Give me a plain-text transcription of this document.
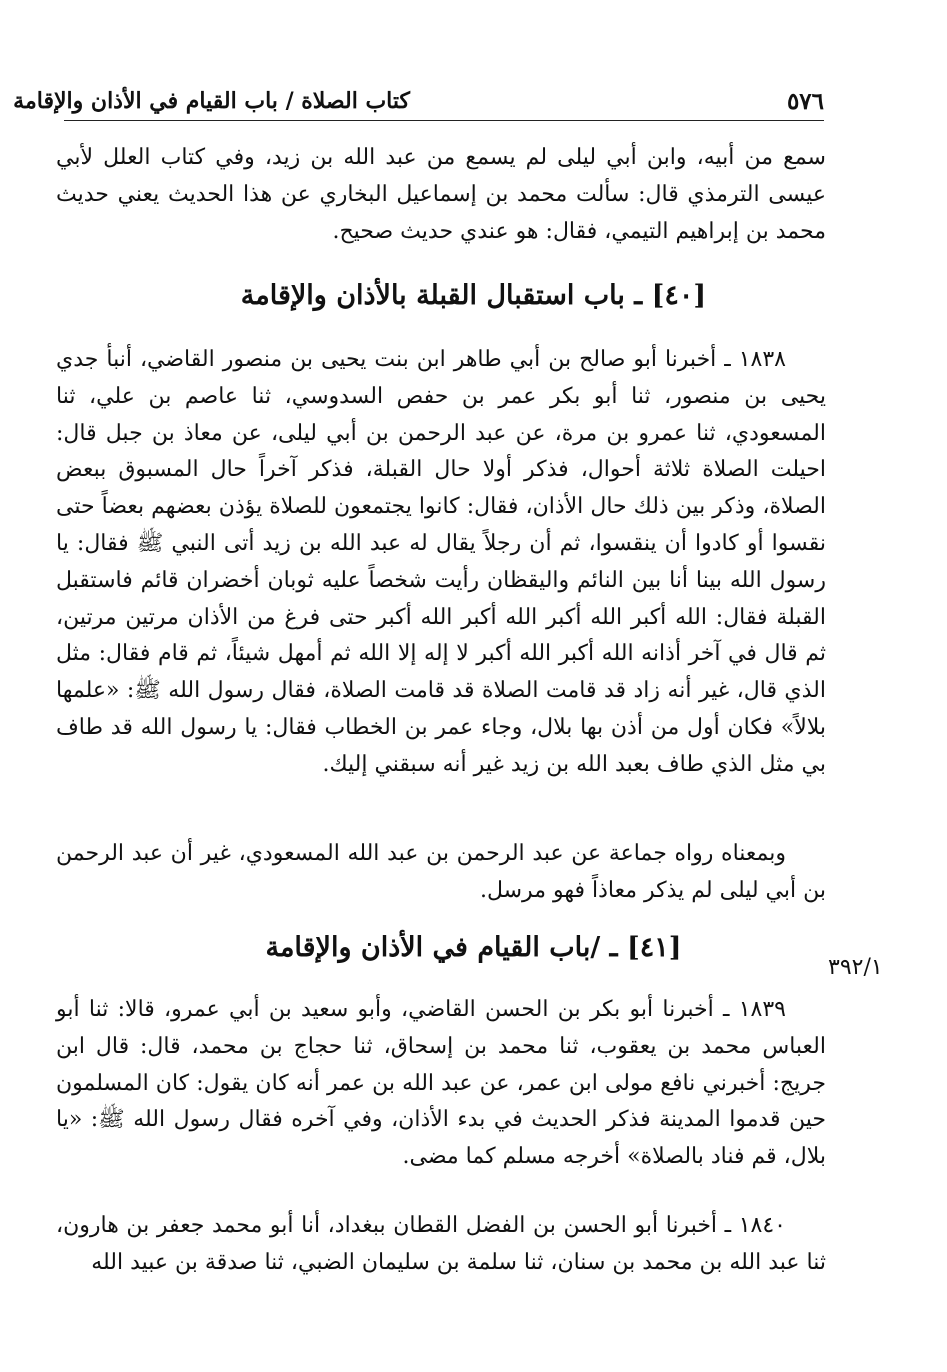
٥٧٦
كتاب الصلاة / باب القيام في الأذان والإقامة
٣٩٢/١

سمع من أبيه، وابن أبي ليلى لم يسمع من عبد الله بن زيد، وفي كتاب العلل لأبي عيسى الترمذي قال: سألت محمد بن إسماعيل البخاري عن هذا الحديث يعني حديث محمد بن إبراهيم التيمي، فقال: هو عندي حديث صحيح.

[٤٠] ـ باب استقبال القبلة بالأذان والإقامة

١٨٣٨ ـ أخبرنا أبو صالح بن أبي طاهر ابن بنت يحيى بن منصور القاضي، أنبأ جدي يحيى بن منصور، ثنا أبو بكر عمر بن حفص السدوسي، ثنا عاصم بن علي، ثنا المسعودي، ثنا عمرو بن مرة، عن عبد الرحمن بن أبي ليلى، عن معاذ بن جبل قال: احيلت الصلاة ثلاثة أحوال، فذكر أولا حال القبلة، فذكر آخراً حال المسبوق ببعض الصلاة، وذكر بين ذلك حال الأذان، فقال: كانوا يجتمعون للصلاة يؤذن بعضهم بعضاً حتى نقسوا أو كادوا أن ينقسوا، ثم أن رجلاً يقال له عبد الله بن زيد أتى النبي ﷺ فقال: يا رسول الله بينا أنا بين النائم واليقظان رأيت شخصاً عليه ثوبان أخضران قائم فاستقبل القبلة فقال: الله أكبر الله أكبر الله أكبر الله أكبر حتى فرغ من الأذان مرتين مرتين، ثم قال في آخر أذانه الله أكبر الله أكبر لا إله إلا الله ثم أمهل شيئاً، ثم قام فقال: مثل الذي قال، غير أنه زاد قد قامت الصلاة قد قامت الصلاة، فقال رسول الله ﷺ: «علمها بلالاً» فكان أول من أذن بها بلال، وجاء عمر بن الخطاب فقال: يا رسول الله قد طاف بي مثل الذي طاف بعبد الله بن زيد غير أنه سبقني إليك.

وبمعناه رواه جماعة عن عبد الرحمن بن عبد الله المسعودي، غير أن عبد الرحمن بن أبي ليلى لم يذكر معاذاً فهو مرسل.

[٤١] ـ /باب القيام في الأذان والإقامة

١٨٣٩ ـ أخبرنا أبو بكر بن الحسن القاضي، وأبو سعيد بن أبي عمرو، قالا: ثنا أبو العباس محمد بن يعقوب، ثنا محمد بن إسحاق، ثنا حجاج بن محمد، قال: قال ابن جريج: أخبرني نافع مولى ابن عمر، عن عبد الله بن عمر أنه كان يقول: كان المسلمون حين قدموا المدينة فذكر الحديث في بدء الأذان، وفي آخره فقال رسول الله ﷺ: «يا بلال، قم فناد بالصلاة» أخرجه مسلم كما مضى.

١٨٤٠ ـ أخبرنا أبو الحسن بن الفضل القطان ببغداد، أنا أبو محمد جعفر بن هارون، ثنا عبد الله بن محمد بن سنان، ثنا سلمة بن سليمان الضبي، ثنا صدقة بن عبيد الله
